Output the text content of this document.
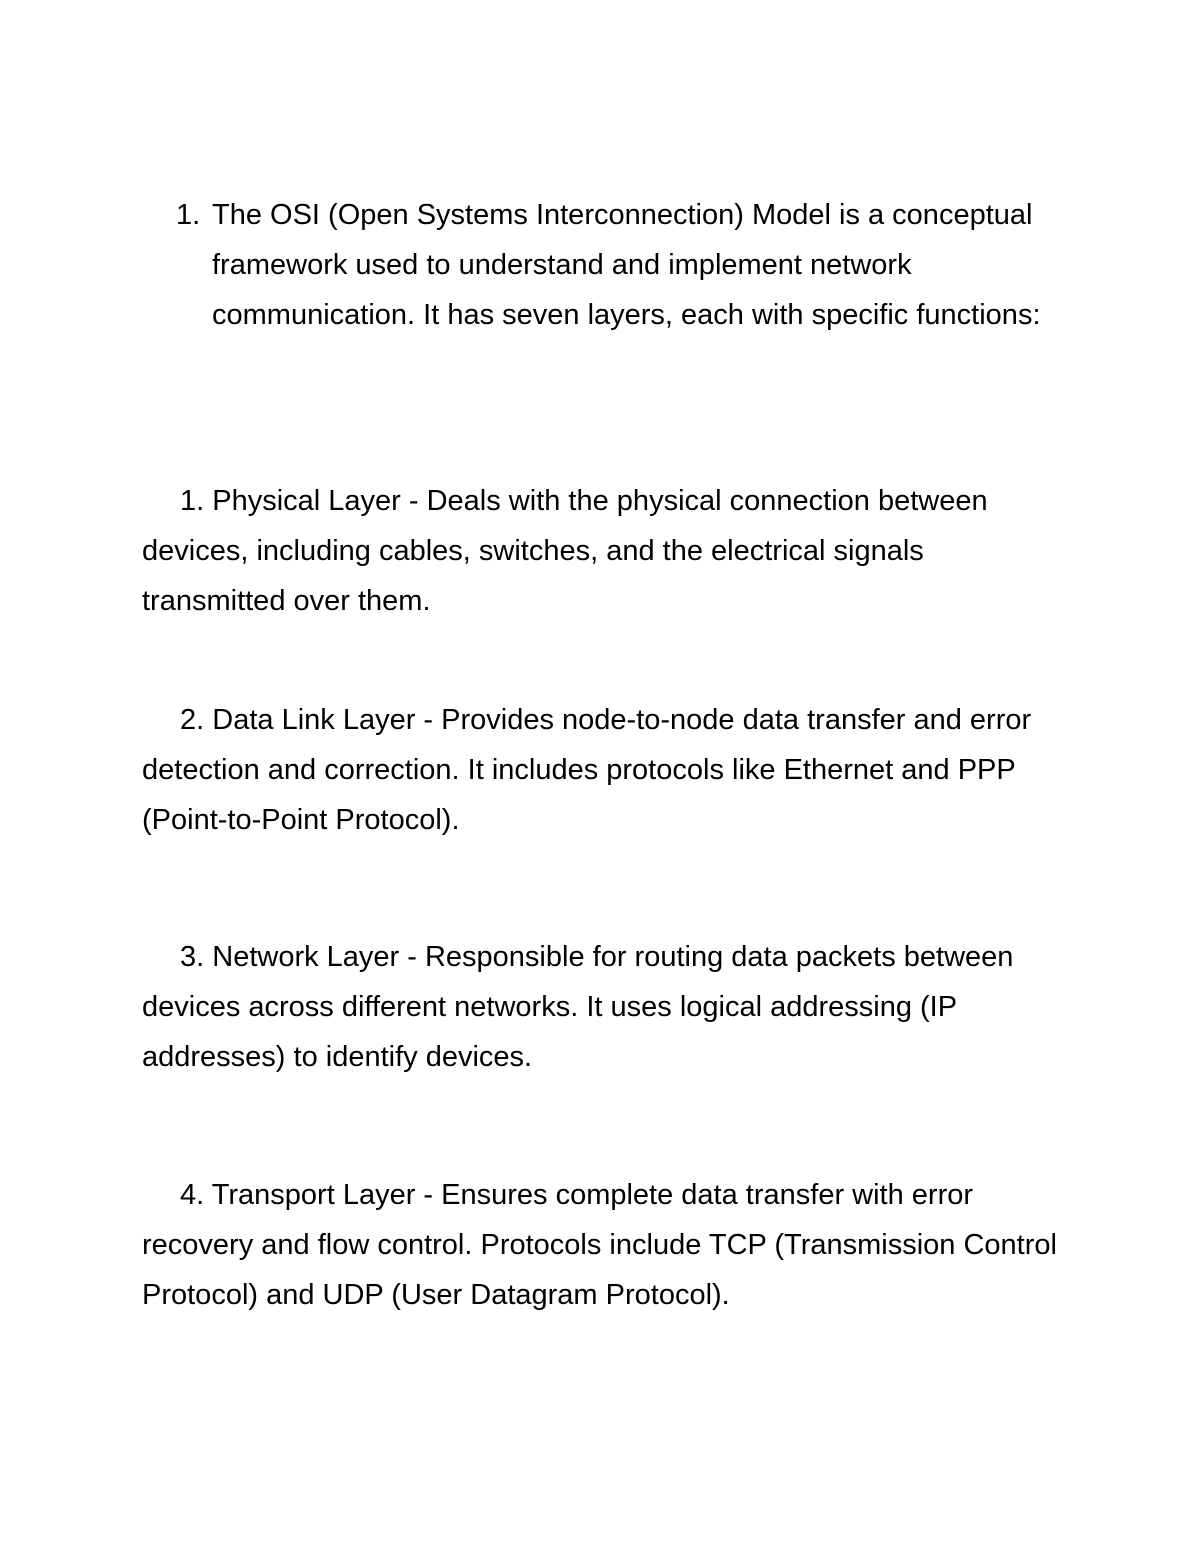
1. The OSI (Open Systems Interconnection) Model is a conceptual framework used to understand and implement network communication. It has seven layers, each with specific functions:
1. Physical Layer - Deals with the physical connection between devices, including cables, switches, and the electrical signals transmitted over them.
2. Data Link Layer - Provides node-to-node data transfer and error detection and correction. It includes protocols like Ethernet and PPP (Point-to-Point Protocol).
3. Network Layer - Responsible for routing data packets between devices across different networks. It uses logical addressing (IP addresses) to identify devices.
4. Transport Layer - Ensures complete data transfer with error recovery and flow control. Protocols include TCP (Transmission Control Protocol) and UDP (User Datagram Protocol).
